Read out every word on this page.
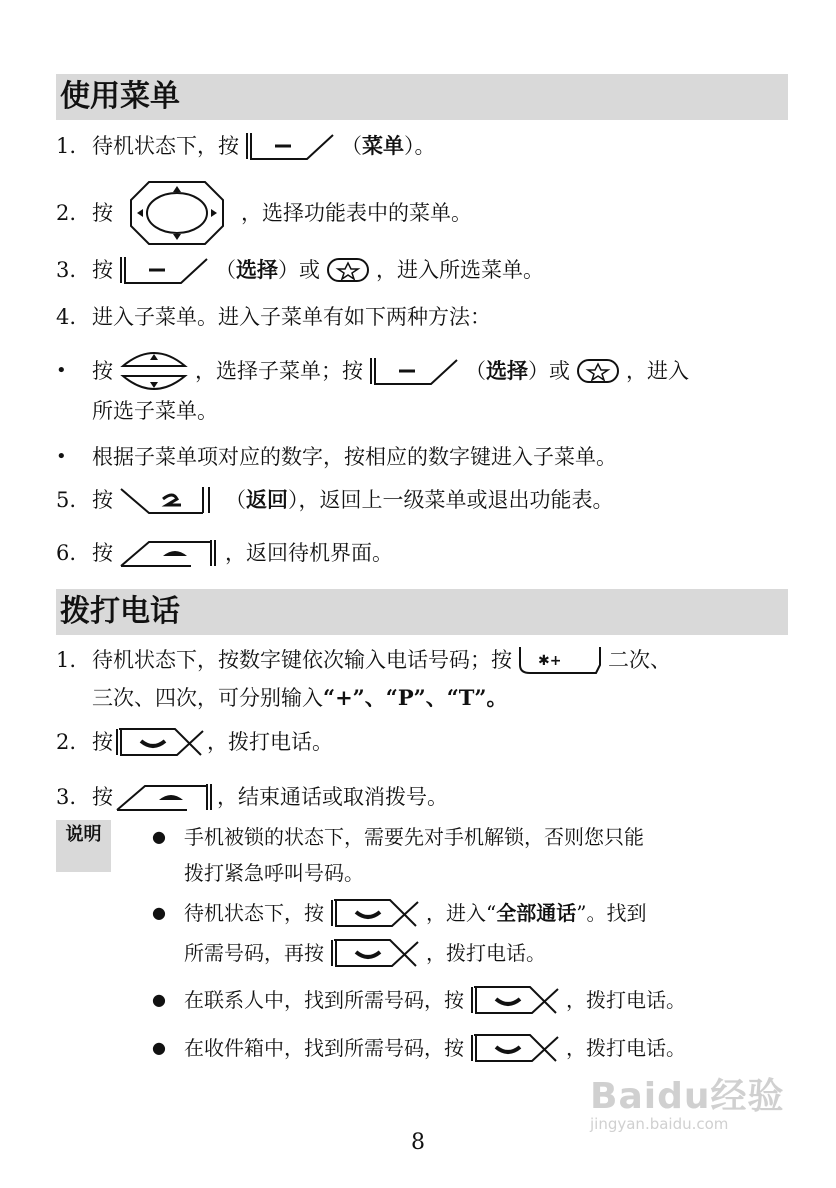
使用菜单
1. 待机状态下，按	（ 菜单 ）。
2. 按	，选择功能表中的菜单。
3. 按	（ 选择 ）或	，进入所选菜单。
4. 进入子菜单。进入子菜单有如下两种方法：
•	按	，选择子菜单；按	（ 选择 ）或	，进入
所选子菜单。
•	根据子菜单项对应的数字，按相应的数字键进入子菜单。
5. 按	（ 返回 ），返回上一级菜单或退出功能表。
6. 按	，返回待机界面。
拨打电话
1. 待机状态下，按数字键依次输入电话号码；按	二次、
三次、四次，可分别输入“+”、“P”、“T”。
2. 按	，拨打电话。
3. 按	，结束通话或取消拨号。
说明	● 手机被锁的状态下，需要先对手机解锁，否则您只能
拨打紧急呼叫号码。
● 待机状态下，按	，进入“ 全部通话 ”。找到
所需号码，再按	，拨打电话。
● 在联系人中，找到所需号码，按	，拨打电话。
● 在收件箱中，找到所需号码，按	，拨打电话。
Baidu经验
jingyan.baidu.com
8
